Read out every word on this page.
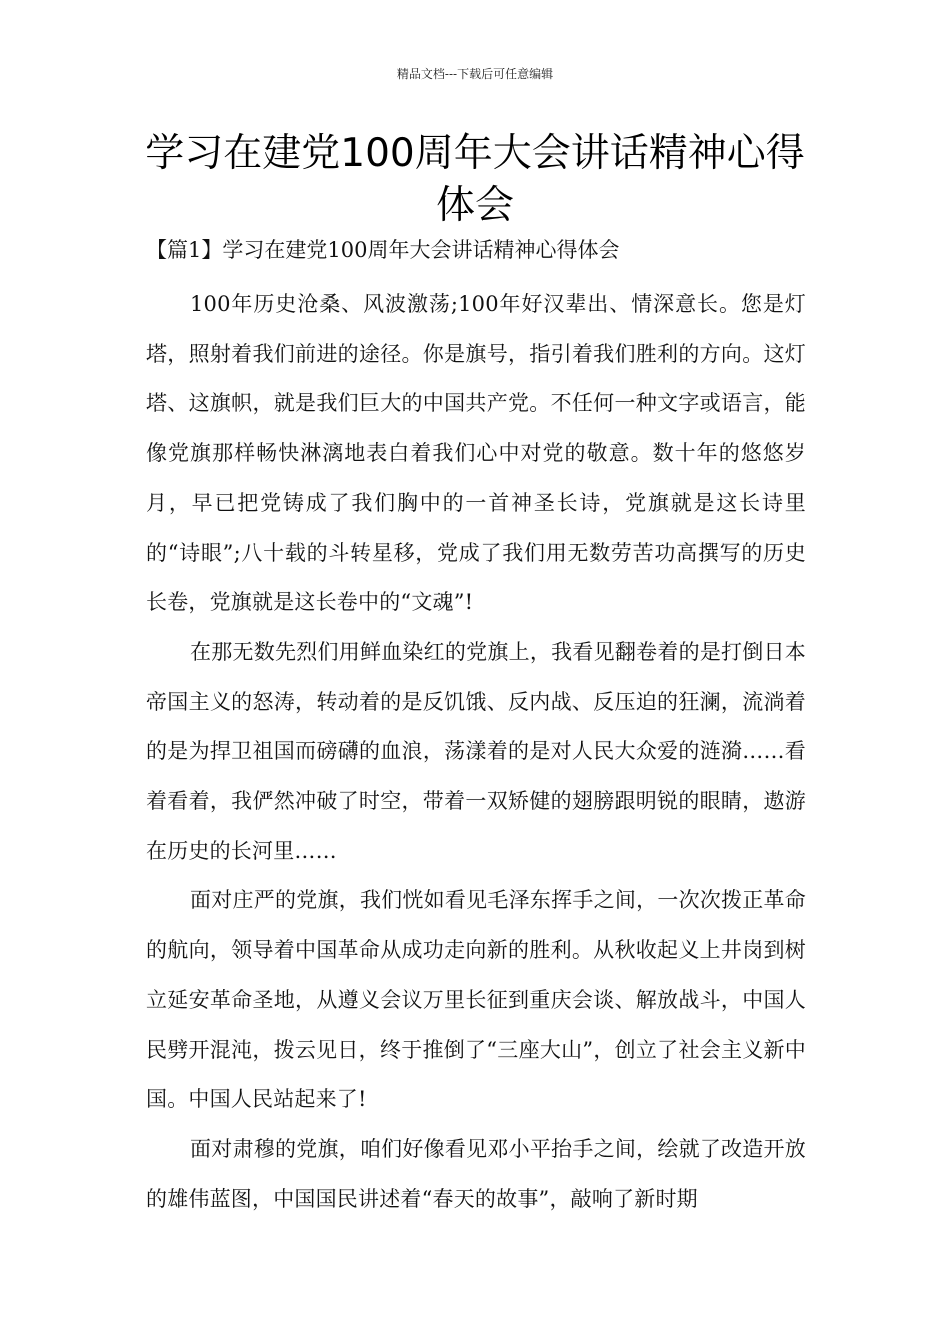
精品文档---下载后可任意编辑
学习在建党100周年大会讲话精神心得体会
【篇1】学习在建党100周年大会讲话精神心得体会

100年历史沧桑、风波激荡;100年好汉辈出、情深意长。您是灯塔，照射着我们前进的途径。你是旗号，指引着我们胜利的方向。这灯塔、这旗帜，就是我们巨大的中国共产党。不任何一种文字或语言，能像党旗那样畅快淋漓地表白着我们心中对党的敬意。数十年的悠悠岁月，早已把党铸成了我们胸中的一首神圣长诗，党旗就是这长诗里的“诗眼”;八十载的斗转星移，党成了我们用无数劳苦功高撰写的历史长卷，党旗就是这长卷中的“文魂”!

在那无数先烈们用鲜血染红的党旗上，我看见翻卷着的是打倒日本帝国主义的怒涛，转动着的是反饥饿、反内战、反压迫的狂澜，流淌着的是为捍卫祖国而磅礴的血浪，荡漾着的是对人民大众爱的涟漪……看着看着，我俨然冲破了时空，带着一双矫健的翅膀跟明锐的眼睛，遨游在历史的长河里……

面对庄严的党旗，我们恍如看见毛泽东挥手之间，一次次拨正革命的航向，领导着中国革命从成功走向新的胜利。从秋收起义上井岗到树立延安革命圣地，从遵义会议万里长征到重庆会谈、解放战斗，中国人民劈开混沌，拨云见日，终于推倒了“三座大山”，创立了社会主义新中国。中国人民站起来了!

面对肃穆的党旗，咱们好像看见邓小平抬手之间，绘就了改造开放的雄伟蓝图，中国国民讲述着“春天的故事”，敲响了新时期
